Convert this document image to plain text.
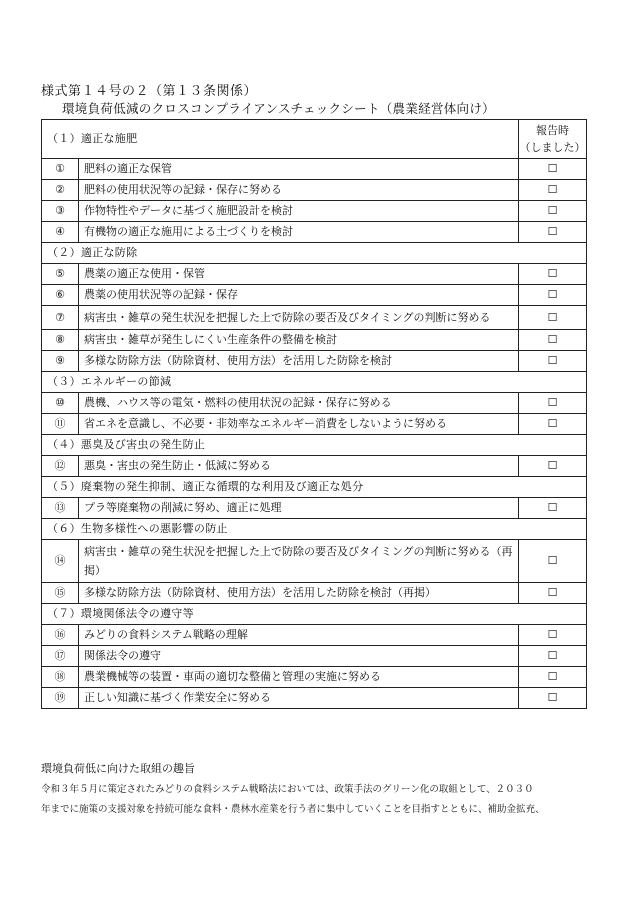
様式第１４号の２（第１３条関係）
環境負荷低減のクロスコンプライアンスチェックシート（農業経営体向け）
（１）適正な施肥		報告時
（しました）

①	肥料の適正な保管	☐
②	肥料の使用状況等の記録・保存に努める	☐
③	作物特性やデータに基づく施肥設計を検討	☐
④	有機物の適正な施用による土づくりを検討	☐
（２）適正な防除		
⑤	農薬の適正な使用・保管	☐
⑥	農薬の使用状況等の記録・保存	☐
⑦	病害虫・雑草の発生状況を把握した上で防除の要否及びタイミングの判断に努める	☐
⑧	病害虫・雑草が発生しにくい生産条件の整備を検討	☐
⑨	多様な防除方法（防除資材、使用方法）を活用した防除を検討	☐
（３）エネルギーの節減		
⑩	農機、ハウス等の電気・燃料の使用状況の記録・保存に努める	☐
⑪	省エネを意識し、不必要・非効率なエネルギー消費をしないように努める	☐
（４）悪臭及び害虫の発生防止		
⑫	悪臭・害虫の発生防止・低減に努める	☐
（５）廃棄物の発生抑制、適正な循環的な利用及び適正な処分		
⑬	プラ等廃棄物の削減に努め、適正に処理	☐
（６）生物多様性への悪影響の防止		
⑭	病害虫・雑草の発生状況を把握した上で防除の要否及びタイミングの判断に努める（再掲）	☐
⑮	多様な防除方法（防除資材、使用方法）を活用した防除を検討（再掲）	☐
（７）環境関係法令の遵守等		
⑯	みどりの食料システム戦略の理解	☐
⑰	関係法令の遵守	☐
⑱	農業機械等の装置・車両の適切な整備と管理の実施に努める	☐
⑲	正しい知識に基づく作業安全に努める	☐
環境負荷低に向けた取組の趣旨
令和３年５月に策定されたみどりの食料システム戦略法においては、政策手法のグリーン化の取組として、２０３０
年までに施策の支援対象を持続可能な食料・農林水産業を行う者に集中していくことを目指すとともに、補助金拡充、
